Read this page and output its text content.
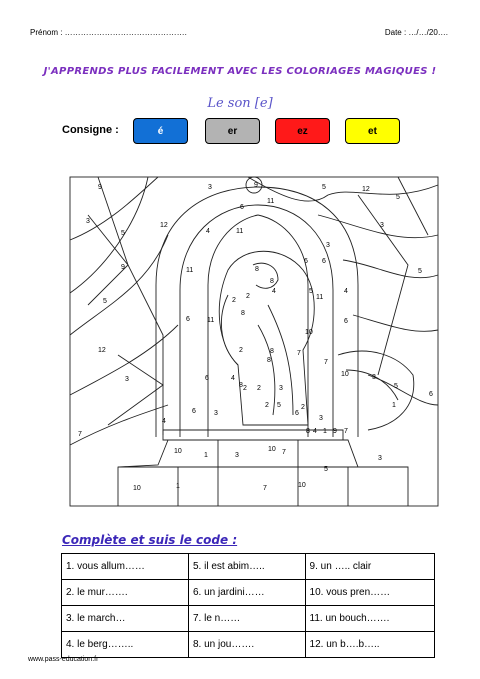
Prénom : ……………………………………….	Date : …/…/20….
J'APPRENDS PLUS FACILEMENT AVEC LES COLORIAGES MAGIQUES !
Le son [e]
Consigne :	é	er	ez	et
9	3	9
6
11
5	12
5
3
5
12
4	11
3
3
9	11	8
6 6
4
5
5
8
2
4	5
6 11
2
8
11
10
6
12	2	8	7
3
10	3
5
6	4
2
8	7
2	3
6
4
8
2
2 5
3
6	3	6
8 4 1 9 7
1
7
10
1	3
10 7
10	1	7	10
5
3
Complète et suis le code :
1. vous allum……	5. il est abim…..	9. un ….. clair
2. le mur…….	6. un jardini……	10. vous pren……
3. le march…	7. le n……	11. un bouch…….
4. le berg……..	8. un jou…….	12. un b….b…..
www.pass-education.fr
